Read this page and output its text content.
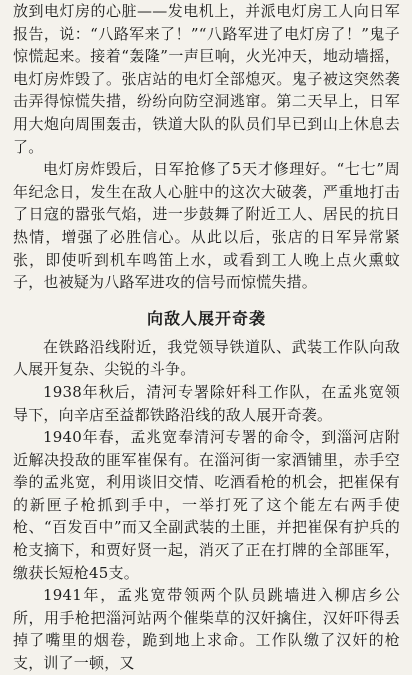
放到电灯房的心脏——发电机上，并派电灯房工人向日军报告，说：“八路军来了！”“八路军进了电灯房了！”鬼子惊慌起来。接着“轰隆”一声巨响，火光冲天，地动墙摇，电灯房炸毁了。张店站的电灯全部熄灭。鬼子被这突然袭击弄得惊慌失措，纷纷向防空洞逃窜。第二天早上，日军用大炮向周围轰击，铁道大队的队员们早已到山上休息去了。

电灯房炸毁后，日军抢修了5天才修理好。“七七”周年纪念日，发生在敌人心脏中的这次大破袭，严重地打击了日寇的嚣张气焰，进一步鼓舞了附近工人、居民的抗日热情，增强了必胜信心。从此以后，张店的日军异常紧张，即使听到机车鸣笛上水，或看到工人晚上点火熏蚊子，也被疑为八路军进攻的信号而惊慌失措。

向敌人展开奇袭

在铁路沿线附近，我党领导铁道队、武装工作队向敌人展开复杂、尖锐的斗争。

1938年秋后，清河专署除奸科工作队，在孟兆宽领导下，向辛店至益都铁路沿线的敌人展开奇袭。

1940年春，孟兆宽奉清河专署的命令，到淄河店附近解决投敌的匪军崔保有。在淄河街一家酒铺里，赤手空拳的孟兆宽，利用谈旧交情、吃酒看枪的机会，把崔保有的新匣子枪抓到手中，一举打死了这个能左右两手使枪、“百发百中”而又全副武装的土匪，并把崔保有护兵的枪支摘下，和贾好贤一起，消灭了正在打牌的全部匪军，缴获长短枪45支。

1941年，孟兆宽带领两个队员跳墙进入柳店乡公所，用手枪把淄河站两个催柴草的汉奸擒住，汉奸吓得丢掉了嘴里的烟卷，跪到地上求命。工作队缴了汉奸的枪支，训了一顿，又
